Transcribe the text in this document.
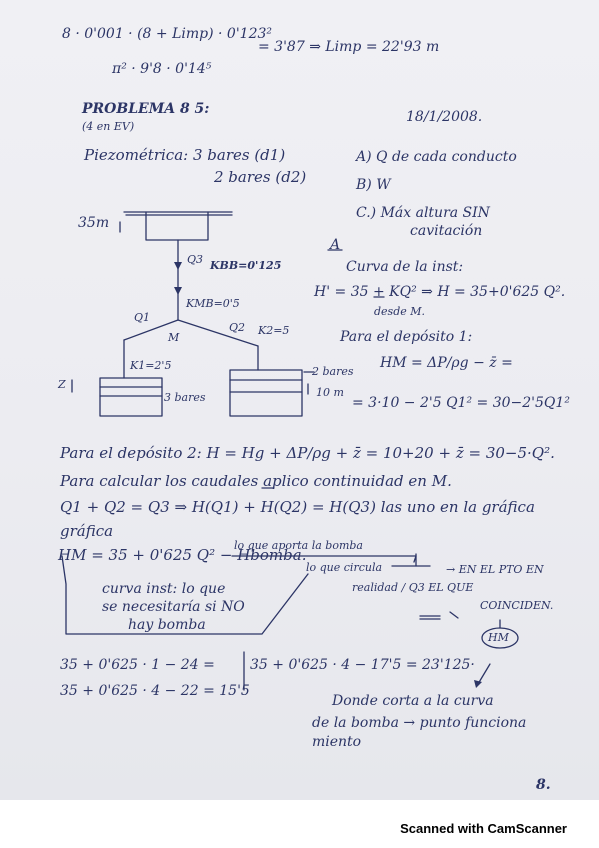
8 · 0'001 · (8 + Limp) · 0'123²
π² · 9'8 · 0'14⁵
= 3'87 ⇒ Limp = 22'93 m
PROBLEMA 8 5:
(4 en EV)
18/1/2008.
Piezométrica: 3 bares (d1)
2 bares (d2)
A) Q de cada conducto
B) W
C.) Máx altura SIN
cavitación
35m
Q3 KBB=0'125
KMB=0'5
Q1
M
Q2 K2=5
K1=2'5
Z
3 bares
2 bares
10 m
A
Curva de la inst:
H' = 35 + KQ² ⇒ H = 35+0'625 Q².
desde M.
Para el depósito 1:
HM = ΔP/ρg − z̄ =
= 3·10 − 2'5 Q1² = 30−2'5Q1²
Para el depósito 2: H = Hg + ΔP/ρg + z̄ = 10+20 + z̄ = 30−5·Q².
Para calcular los caudales aplico continuidad en M.
Q1 + Q2 = Q3 ⇒ H(Q1) + H(Q2) = H(Q3) las uno en la gráfica
gráfica
HM = 35 + 0'625 Q² − Hbomba.
lo que aporta la bomba
lo que circula	→ EN EL PTO EN
realidad / Q3 EL QUE
COINCIDEN.
curva inst: lo que
se necesitaría si NO
hay bomba
HM
35 + 0'625 · 1 − 24 =
35 + 0'625 · 4 − 22 = 15'5
35 + 0'625 · 4 − 17'5 = 23'125·
Donde corta a la curva
de la bomba → punto funciona
miento
8.
Scanned with CamScanner
